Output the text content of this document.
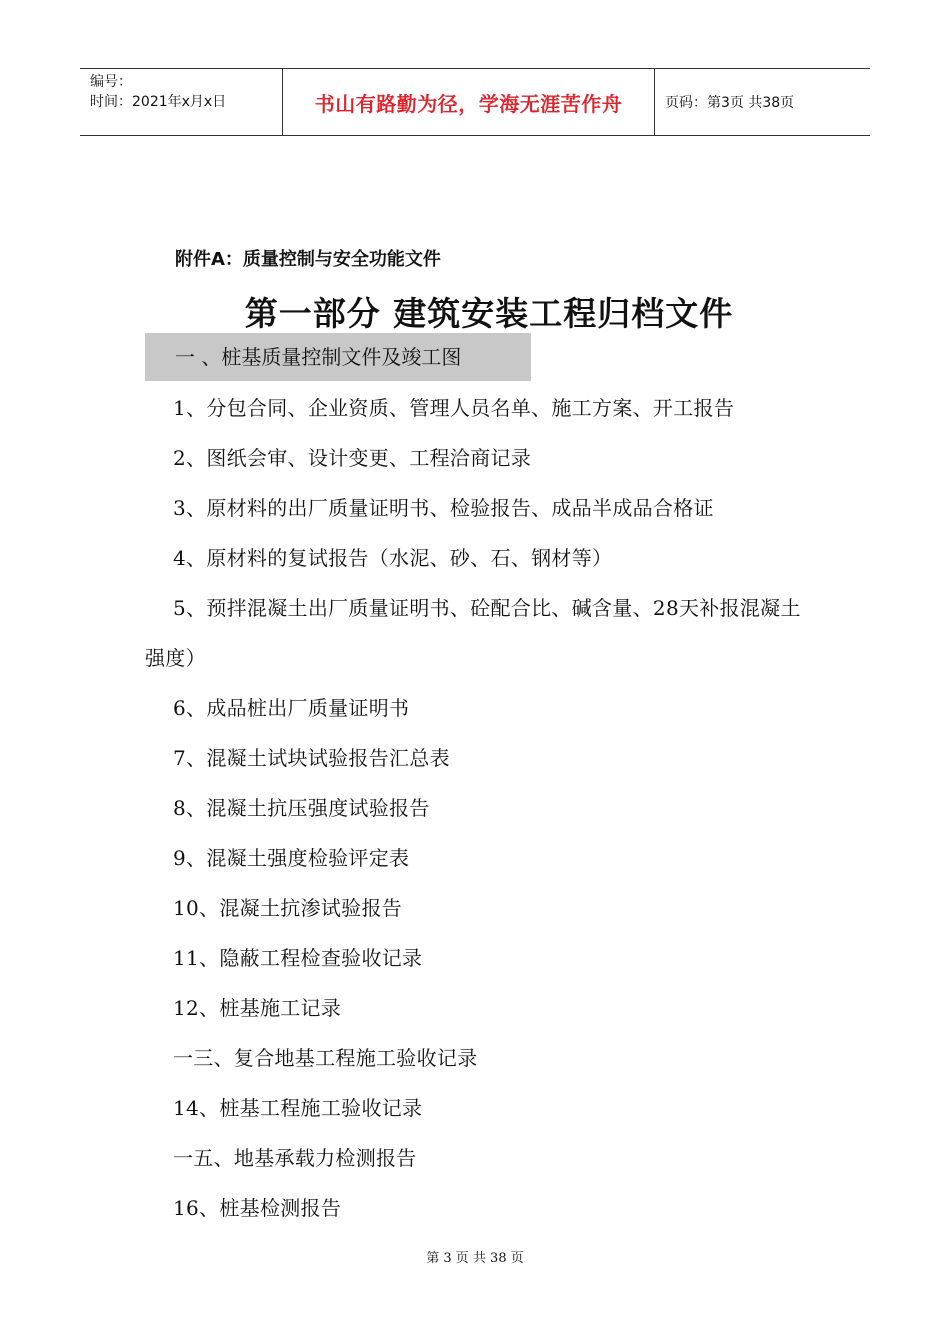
编号：
时间：2021年x月x日	书山有路勤为径，学海无涯苦作舟	页码：第3页 共38页
附件A：质量控制与安全功能文件
第一部分 建筑安装工程归档文件
一 、桩基质量控制文件及竣工图
1、分包合同、企业资质、管理人员名单、施工方案、开工报告
2、图纸会审、设计变更、工程洽商记录
3、原材料的出厂质量证明书、检验报告、成品半成品合格证
4、原材料的复试报告（水泥、砂、石、钢材等）
5、预拌混凝土出厂质量证明书、砼配合比、碱含量、28天补报混凝土强度）
6、成品桩出厂质量证明书
7、混凝土试块试验报告汇总表
8、混凝土抗压强度试验报告
9、混凝土强度检验评定表
10、混凝土抗渗试验报告
11、隐蔽工程检查验收记录
12、桩基施工记录
一三、复合地基工程施工验收记录
14、桩基工程施工验收记录
一五、地基承载力检测报告
16、桩基检测报告
第 3 页 共 38 页
